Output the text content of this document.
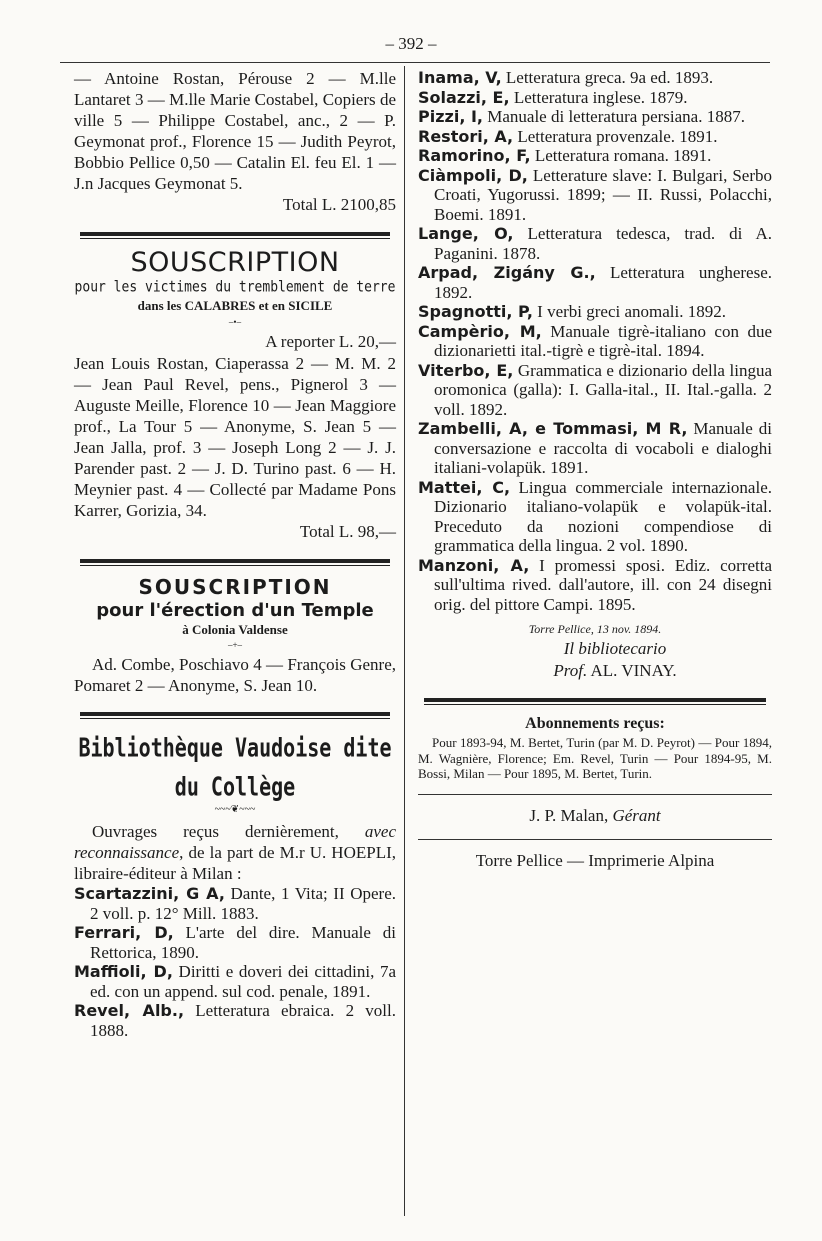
– 392 –

— Antoine Rostan, Pérouse 2 — M.lle Lantaret 3 — M.lle Marie Costabel, Copiers de ville 5 — Philippe Costabel, anc., 2 — P. Geymonat prof., Florence 15 — Judith Peyrot, Bobbio Pellice 0,50 — Catalin El. feu El. 1 — J.n Jacques Geymonat 5.

Total L. 2100,85

SOUSCRIPTION
pour les victimes du tremblement de terre
dans les CALABRES et en SICILE
–•–

A reporter L. 20,—

Jean Louis Rostan, Ciaperassa 2 — M. M. 2 — Jean Paul Revel, pens., Pignerol 3 — Auguste Meille, Florence 10 — Jean Maggiore prof., La Tour 5 — Anonyme, S. Jean 5 — Jean Jalla, prof. 3 — Joseph Long 2 — J. J. Parender past. 2 — J. D. Turino past. 6 — H. Meynier past. 4 — Collecté par Madame Pons Karrer, Gorizia, 34.

Total L. 98,—

SOUSCRIPTION
pour l'érection d'un Temple
à Colonia Valdense
–+–

Ad. Combe, Poschiavo 4 — François Genre, Pomaret 2 — Anonyme, S. Jean 10.

Bibliothèque Vaudoise dite du Collège
~~~❦~~~

Ouvrages reçus dernièrement, avec reconnaissance, de la part de M.r U. HOEPLI, libraire-éditeur à Milan :

Scartazzini, G A, Dante, 1 Vita; II Opere. 2 voll. p. 12° Mill. 1883.

Ferrari, D, L'arte del dire. Manuale di Rettorica, 1890.

Maffioli, D, Diritti e doveri dei cittadini, 7a ed. con un append. sul cod. penale, 1891.

Revel, Alb., Letteratura ebraica. 2 voll. 1888.

Inama, V, Letteratura greca. 9a ed. 1893.

Solazzi, E, Letteratura inglese. 1879.

Pizzi, I, Manuale di letteratura persiana. 1887.

Restori, A, Letteratura provenzale. 1891.

Ramorino, F, Letteratura romana. 1891.

Ciàmpoli, D, Letterature slave: I. Bulgari, Serbo Croati, Yugorussi. 1899; — II. Russi, Polacchi, Boemi. 1891.

Lange, O, Letteratura tedesca, trad. di A. Paganini. 1878.

Arpad, Zigány G., Letteratura ungherese. 1892.

Spagnotti, P, I verbi greci anomali. 1892.

Campèrio, M, Manuale tigrè-italiano con due dizionarietti ital.-tigrè e tigrè-ital. 1894.

Viterbo, E, Grammatica e dizionario della lingua oromonica (galla): I. Galla-ital., II. Ital.-galla. 2 voll. 1892.

Zambelli, A, e Tommasi, M R, Manuale di conversazione e raccolta di vocaboli e dialoghi italiani-volapük. 1891.

Mattei, C, Lingua commerciale internazionale. Dizionario italiano-volapük e volapük-ital. Preceduto da nozioni compendiose di grammatica della lingua. 2 vol. 1890.

Manzoni, A, I promessi sposi. Ediz. corretta sull'ultima rived. dall'autore, ill. con 24 disegni orig. del pittore Campi. 1895.

Torre Pellice, 13 nov. 1894.
Il bibliotecario
Prof. AL. VINAY.
Abonnements reçus:

Pour 1893-94, M. Bertet, Turin (par M. D. Peyrot) — Pour 1894, M. Wagnière, Florence; Em. Revel, Turin — Pour 1894-95, M. Bossi, Milan — Pour 1895, M. Bertet, Turin.

J. P. Malan, Gérant
Torre Pellice — Imprimerie Alpina
